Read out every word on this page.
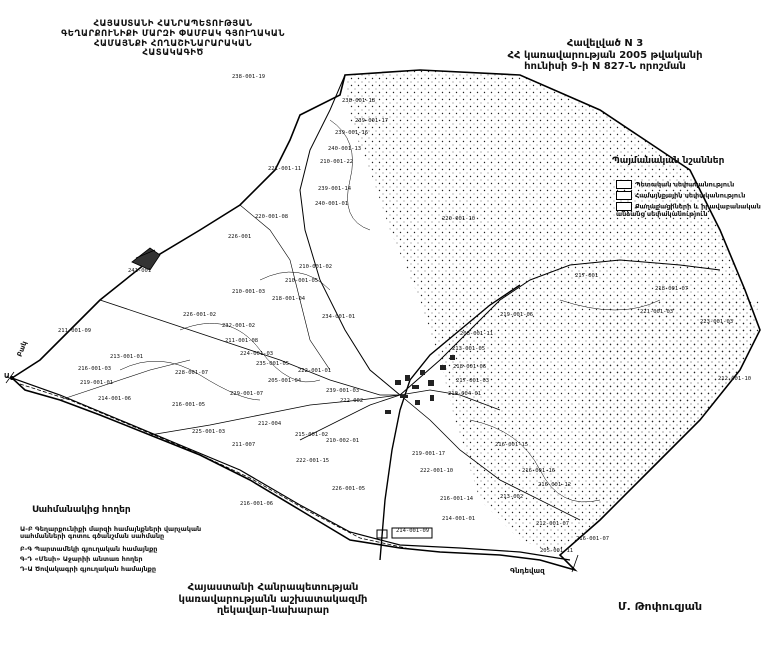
ՀԱՅԱՍՏԱՆԻ ՀԱՆՐԱՊԵՏՈՒԹՅԱՆ
ԳԵՂԱՐՔՈՒՆԻՔԻ ՄԱՐԶԻ ՓԱՄԲԱԿ ԳՅՈՒՂԱԿԱՆ
ՀԱՄԱՅՆՔԻ ՀՈՂԱՇԻՆԱՐԱՐԱԿԱՆ
ՀԱՏԱԿԱԳԻԾ
Հավելված N 3
ՀՀ կառավարության 2005 թվականի
հունիսի 9-ի N 827-Ն որոշման
238-001-19
238-001-18
239-001-17
239-001-16
240-001-13
210-001-22
221-001-11
239-001-14
220-001-08
240-001-01
220-001-10
226-001
210-001-02
210-001-03
210-001-05
241-001
217-001
218-001-07
219-001-06	221-001-03
223-001-03
218-001-04
226-001-02	234-001-01
232-001-02
211-001-09
211-001-08
213-001-01	224-001-03
235-001-05
216-001-03
228-001-07	222-001-01
219-001-01	205-001-04
229-001-07
214-001-06
216-001-05
239-001-03
212-004
225-001-03	215-001-02
210-002-01
211-007
222-002
219-001-17
222-001-15
216-001-16
216-001-12
213-002
216-001-14
216-001-15
222-001-10
226-001-05
216-001-06
214-001-01
212-001-07
214-001-09
216-001-07
205-001-11
218-001-06
217-001-03
210-004-01
208-001-11
213-001-05
212-001-10
Բակ
Ա
Գնդեվազ
Պայմանական նշաններ
Պետական սեփականություն
Համայնքային սեփականություն
Քաղաքացիների և իրավաբանական անձանց սեփականություն
Սահմանակից հողեր
Ա-Բ Գեղարքունիքի մարզի համայնքների վարչական սահմանների գոտու գծանշման սահմանը
Բ-Գ Պարտամեկի գյուղական համայնքը
Գ-Դ «Մեսի» Աջարիի անտառ հողեր
Դ-Ա Ծովակագրի գյուղական համայնքը
Հայաստանի Հանրապետության
կառավարությանն աշխատակազմի
ղեկավար-նախարար	Մ. Թոփուզյան
